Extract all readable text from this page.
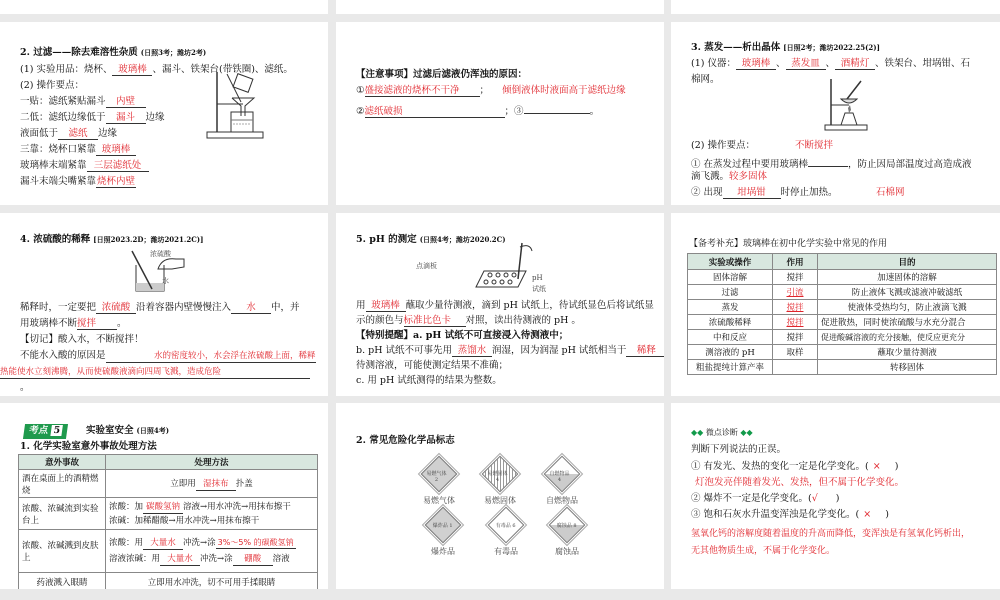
2. 过滤——除去难溶性杂质 (日照3考；潍坊2考)
(1) 实验用品：烧杯、 玻璃棒 、漏斗、铁架台(带铁圈)、滤纸。
(2) 操作要点：
一贴：滤纸紧贴漏斗 内壁
二低：滤纸边缘低于 漏斗 边缘
液面低于 滤纸 边缘
三靠：烧杯口紧靠 玻璃棒
玻璃棒末端紧靠 三层滤纸处
漏斗末端尖嘴紧靠烧杯内壁
【注意事项】过滤后滤液仍浑浊的原因：
①盛接滤液的烧杯不干净 ； 倾倒液体时液面高于滤纸边缘
②滤纸破损	；③	。
3. 蒸发——析出晶体 [日照2考；潍坊2022.25(2)]
(1) 仪器： 玻璃棒 、 蒸发皿 、 酒精灯 、铁架台、坩埚钳、石
棉网。
(2) 操作要点：	不断搅拌
① 在蒸发过程中要用玻璃棒	，防止因局部温度过高造成液
滴飞溅。较多固体
② 出现 坩埚钳 时停止加热。	石棉网
4. 浓硫酸的稀释 [日照2023.2D；潍坊2021.2C)]
浓硫酸
水
稀释时，一定要把 浓硫酸 沿着容器内壁慢慢注入 水 中，并
用玻璃棒不断搅拌 。
【切记】酸入水，不断搅拌！
不能水入酸的原因是	水的密度较小，水会浮在浓硫酸上面，稀释
热能使水立刻沸腾，从而使硫酸液滴向四周飞溅，造成危险
。
5. pH 的测定 (日照4考；潍坊2020.2C)
点滴板
pH
试纸
用 玻璃棒 蘸取少量待测液，滴到 pH 试纸上，待试纸显色后将试纸显
示的颜色与标准比色卡 对照，读出待测液的 pH 。
【特别提醒】a. pH 试纸不可直接浸入待测液中；
b. pH 试纸不可事先用 蒸馏水 润湿，因为润湿 pH 试纸相当于 稀释
待测溶液，可能使测定结果不准确；
c. 用 pH 试纸测得的结果为整数。
【备考补充】玻璃棒在初中化学实验中常见的作用
实验或操作	作用	目的
固体溶解	搅拌	加速固体的溶解
过滤	引流	防止液体飞溅或滤液冲破滤纸
蒸发	搅拌	使液体受热均匀，防止液滴飞溅
浓硫酸稀释	搅拌	促进散热，同时使浓硫酸与水充分混合
中和反应	搅拌	促进酸碱溶液的充分接触，使反应更充分
测溶液的 pH	取样	蘸取少量待测液
粗盐提纯计算产率		转移固体
考点 5	实验室安全 (日照4考)
1. 化学实验室意外事故处理方法
意外事故	处理方法
酒在桌面上的酒精燃烧	立即用 湿抹布 扑盖
浓酸、浓碱流到实验台上	浓酸：加 碳酸氢钠 溶液→用水冲洗→用抹布擦干
浓碱：加稀醋酸→用水冲洗→用抹布擦干
浓酸、浓碱溅到皮肤上	浓酸：用 大量水 冲洗→涂 3%～5% 的碳酸氢钠
溶液浓碱：用 大量水 冲洗→涂 硼酸 溶液
药液溅入眼睛	立即用水冲洗，切不可用手揉眼睛
2. 常见危险化学品标志
易燃气体 2
易燃气体
易燃固体 4
易燃固体
自燃物品 4
自燃物品
爆炸品 1
爆炸品
有毒品 6
有毒品
腐蚀品 8
腐蚀品
◆◆ 微点诊断 ◆◆
判断下列说法的正误。
① 有发光、发热的变化一定是化学变化。( × )
灯泡发亮伴随着发光、发热，但不属于化学变化。
② 爆炸不一定是化学变化。(√ )
③ 饱和石灰水升温变浑浊是化学变化。( × )
氢氧化钙的溶解度随着温度的升高而降低，变浑浊是有氢氧化钙析出，
无其他物质生成，不属于化学变化。
